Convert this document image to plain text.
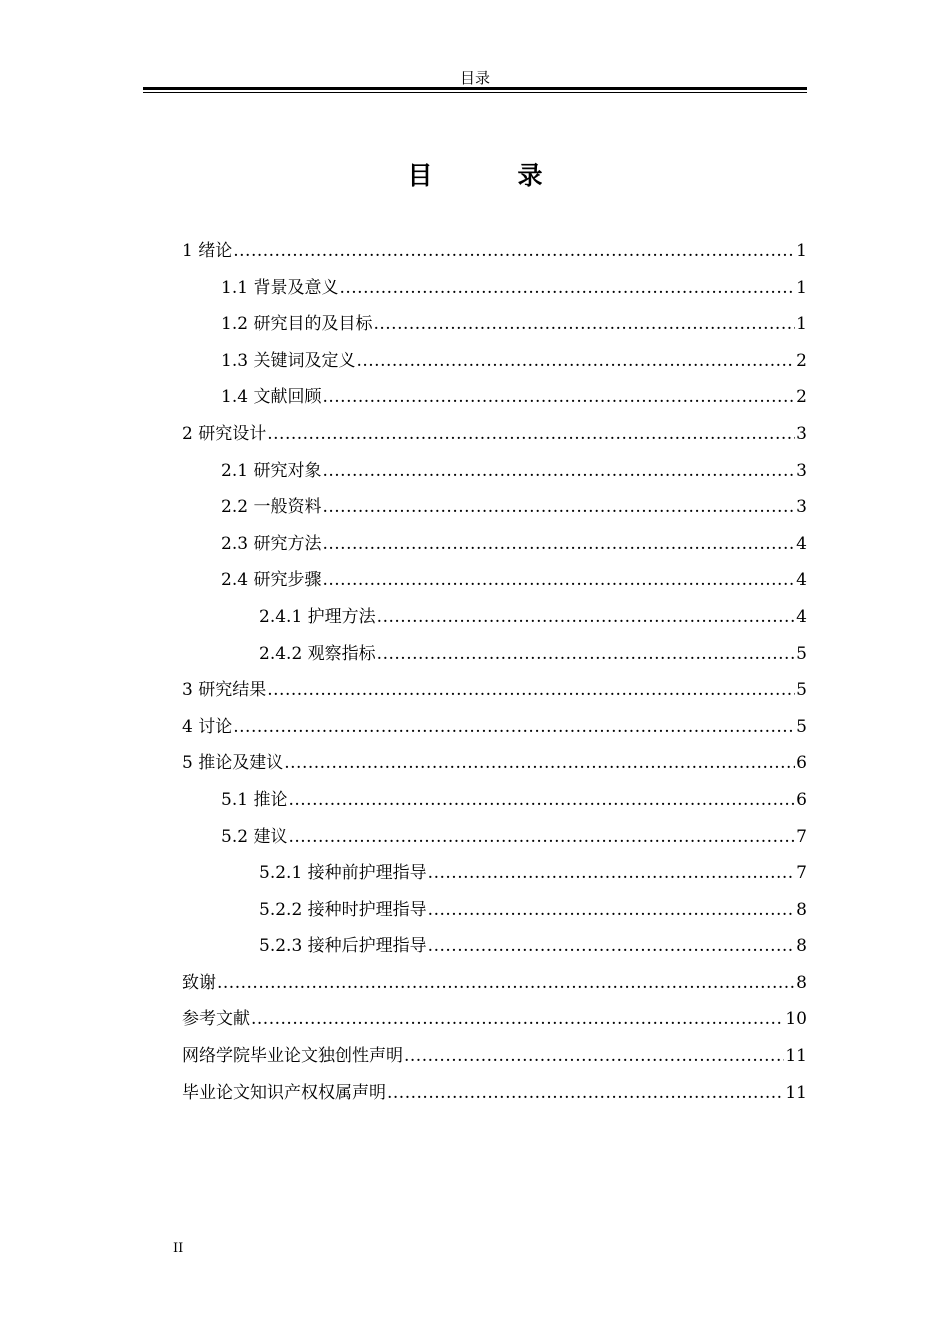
目录
目　录
1 绪论 .....	1
1.1 背景及意义 .....	1
1.2 研究目的及目标 .....	1
1.3 关键词及定义 .....	2
1.4 文献回顾 .....	2
2 研究设计 .....	3
2.1 研究对象 .....	3
2.2 一般资料 .....	3
2.3 研究方法 .....	4
2.4 研究步骤 .....	4
2.4.1 护理方法 .....	4
2.4.2 观察指标 .....	5
3 研究结果 .....	5
4 讨论 .....	5
5 推论及建议 .....	6
5.1 推论 .....	6
5.2 建议 .....	7
5.2.1 接种前护理指导 .....	7
5.2.2 接种时护理指导 .....	8
5.2.3 接种后护理指导 .....	8
致谢 .....	8
参考文献 .....	10
网络学院毕业论文独创性声明 .....	11
毕业论文知识产权权属声明 .....	11
II
